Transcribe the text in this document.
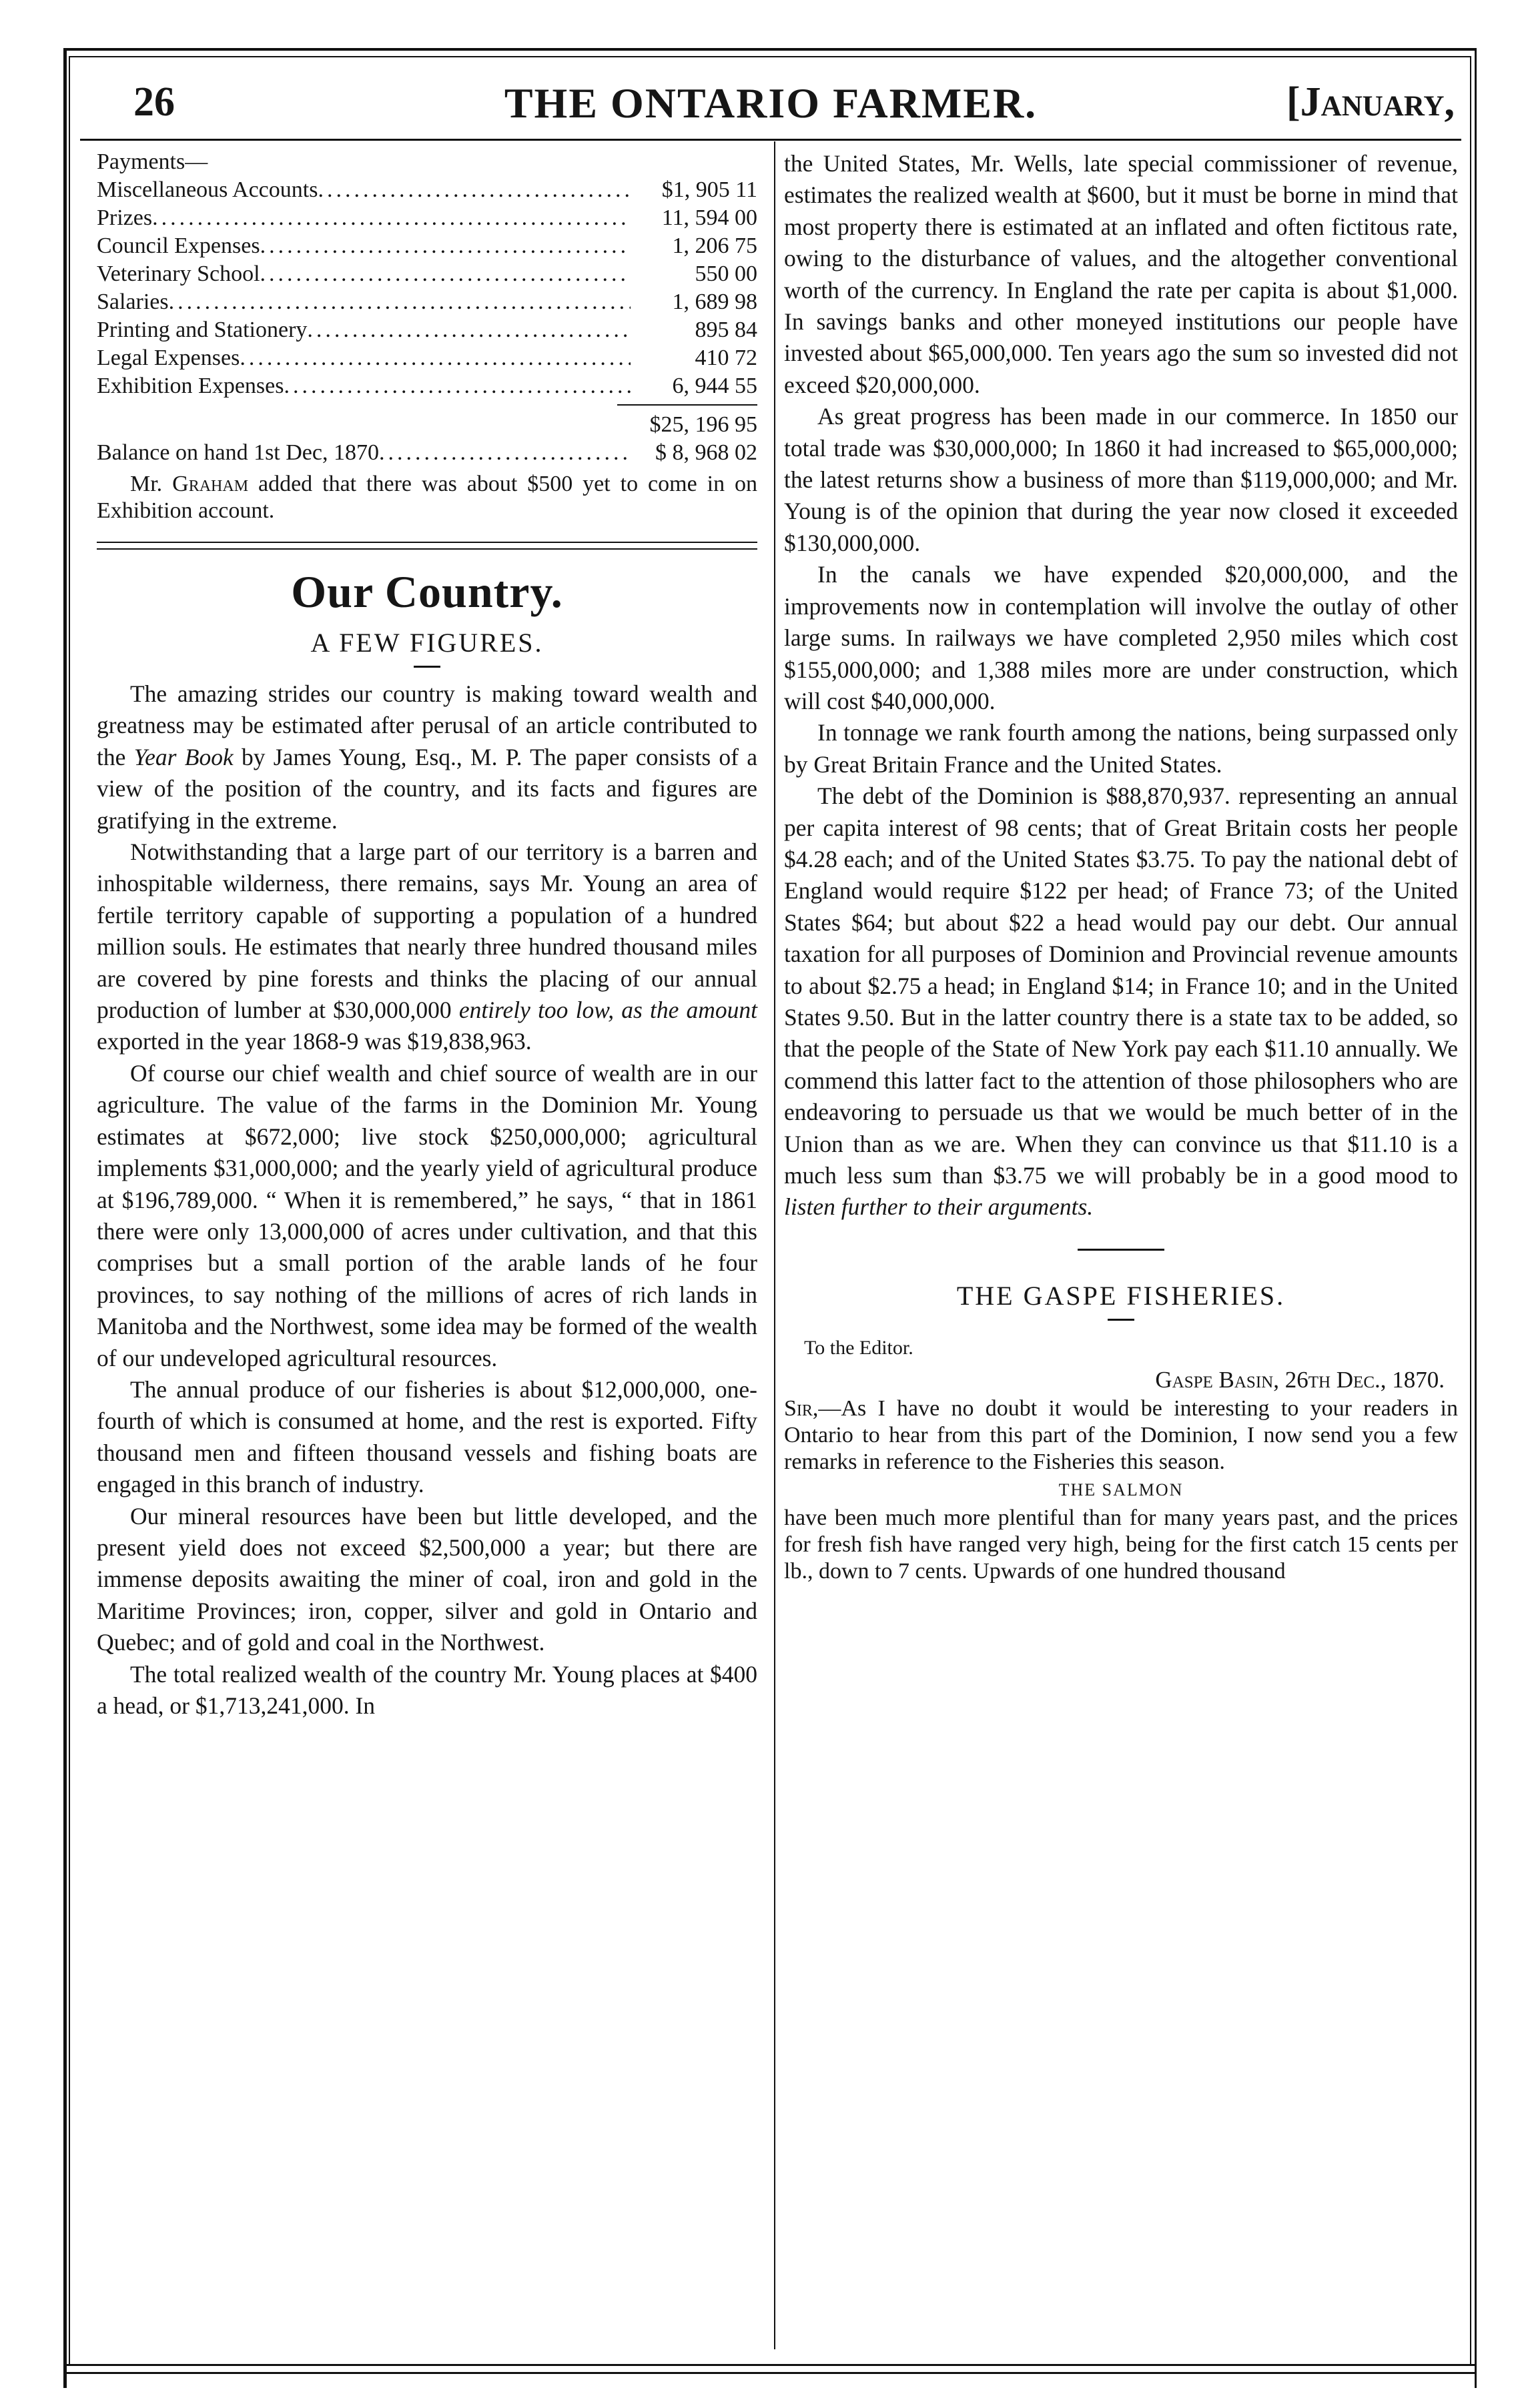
26	THE ONTARIO FARMER.	[January,
Payments—
Miscellaneous Accounts .....	$1, 905 11
Prizes .....	11, 594 00
Council Expenses .....	1, 206 75
Veterinary School .....	550 00
Salaries .....	1, 689 98
Printing and Stationery .....	895 84
Legal Expenses .....	410 72
Exhibition Expenses .....	6, 944 55
$25, 196 95
Balance on hand 1st Dec, 1870 .....	$ 8, 968 02
Mr. Graham added that there was about $500 yet to come in on Exhibition account.
Our Country.
A FEW FIGURES.

The amazing strides our country is making toward wealth and greatness may be estimated after perusal of an article contributed to the Year Book by James Young, Esq., M. P. The paper consists of a view of the position of the country, and its facts and figures are gratifying in the extreme.

Notwithstanding that a large part of our territory is a barren and inhospitable wilderness, there remains, says Mr. Young an area of fertile territory capable of supporting a population of a hundred million souls. He estimates that nearly three hundred thousand miles are covered by pine forests and thinks the placing of our annual production of lumber at $30,000,000 entirely too low, as the amount exported in the year 1868-9 was $19,838,963.

Of course our chief wealth and chief source of wealth are in our agriculture. The value of the farms in the Dominion Mr. Young estimates at $672,000; live stock $250,000,000; agricultural implements $31,000,000; and the yearly yield of agricultural produce at $196,789,000. “ When it is remembered,” he says, “ that in 1861 there were only 13,000,000 of acres under cultivation, and that this comprises but a small portion of the arable lands of he four provinces, to say nothing of the millions of acres of rich lands in Manitoba and the Northwest, some idea may be formed of the wealth of our undeveloped agricultural resources.

The annual produce of our fisheries is about $12,000,000, one-fourth of which is consumed at home, and the rest is exported. Fifty thousand men and fifteen thousand vessels and fishing boats are engaged in this branch of industry.

Our mineral resources have been but little developed, and the present yield does not exceed $2,500,000 a year; but there are immense deposits awaiting the miner of coal, iron and gold in the Maritime Provinces; iron, copper, silver and gold in Ontario and Quebec; and of gold and coal in the Northwest.

The total realized wealth of the country Mr. Young places at $400 a head, or $1,713,241,000. In

the United States, Mr. Wells, late special commissioner of revenue, estimates the realized wealth at $600, but it must be borne in mind that most property there is estimated at an inflated and often fictitous rate, owing to the disturbance of values, and the altogether conventional worth of the currency. In England the rate per capita is about $1,000. In savings banks and other moneyed institutions our people have invested about $65,000,000. Ten years ago the sum so invested did not exceed $20,000,000.

As great progress has been made in our commerce. In 1850 our total trade was $30,000,000; In 1860 it had increased to $65,000,000; the latest returns show a business of more than $119,000,000; and Mr. Young is of the opinion that during the year now closed it exceeded $130,000,000.

In the canals we have expended $20,000,000, and the improvements now in contemplation will involve the outlay of other large sums. In railways we have completed 2,950 miles which cost $155,000,000; and 1,388 miles more are under construction, which will cost $40,000,000.

In tonnage we rank fourth among the nations, being surpassed only by Great Britain France and the United States.

The debt of the Dominion is $88,870,937. representing an annual per capita interest of 98 cents; that of Great Britain costs her people $4.28 each; and of the United States $3.75. To pay the national debt of England would require $122 per head; of France 73; of the United States $64; but about $22 a head would pay our debt. Our annual taxation for all purposes of Dominion and Provincial revenue amounts to about $2.75 a head; in England $14; in France 10; and in the United States 9.50. But in the latter country there is a state tax to be added, so that the people of the State of New York pay each $11.10 annually. We commend this latter fact to the attention of those philosophers who are endeavoring to persuade us that we would be much better of in the Union than as we are. When they can convince us that $11.10 is a much less sum than $3.75 we will probably be in a good mood to listen further to their arguments.

THE GASPE FISHERIES.
To the Editor.
Gaspe Basin, 26th Dec., 1870.

Sir,—As I have no doubt it would be interesting to your readers in Ontario to hear from this part of the Dominion, I now send you a few remarks in reference to the Fisheries this season.

THE SALMON

have been much more plentiful than for many years past, and the prices for fresh fish have ranged very high, being for the first catch 15 cents per lb., down to 7 cents. Upwards of one hundred thousand
